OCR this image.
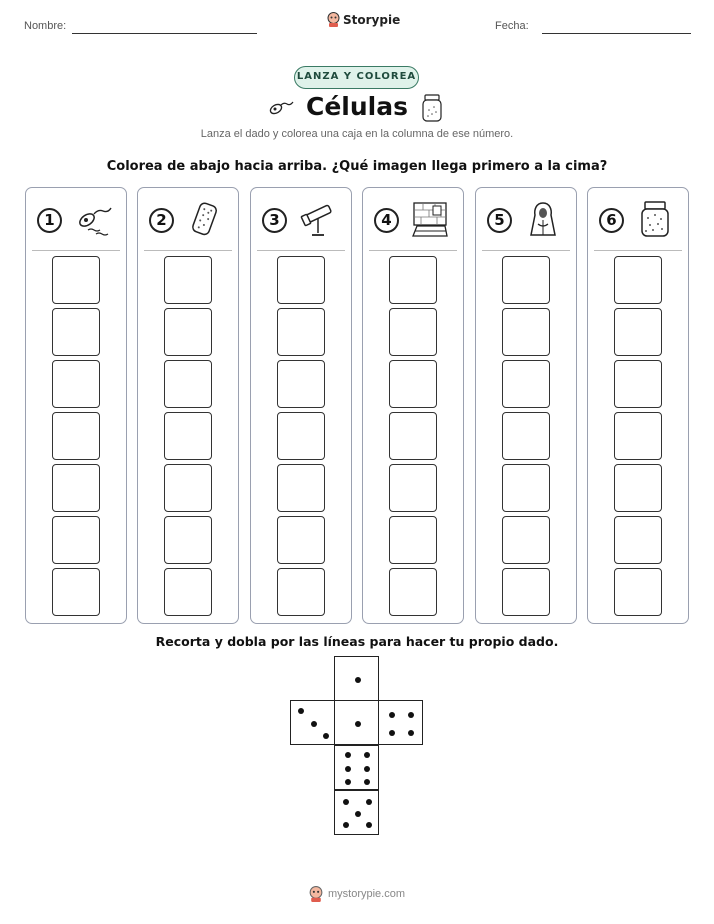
Nombre:	Storypie	Fecha:
LANZA Y COLOREA
Células
Lanza el dado y colorea una caja en la columna de ese número.
Colorea de abajo hacia arriba. ¿Qué imagen llega primero a la cima?
1	2	3	4	5	6
Recorta y dobla por las líneas para hacer tu propio dado.
mystorypie.com
